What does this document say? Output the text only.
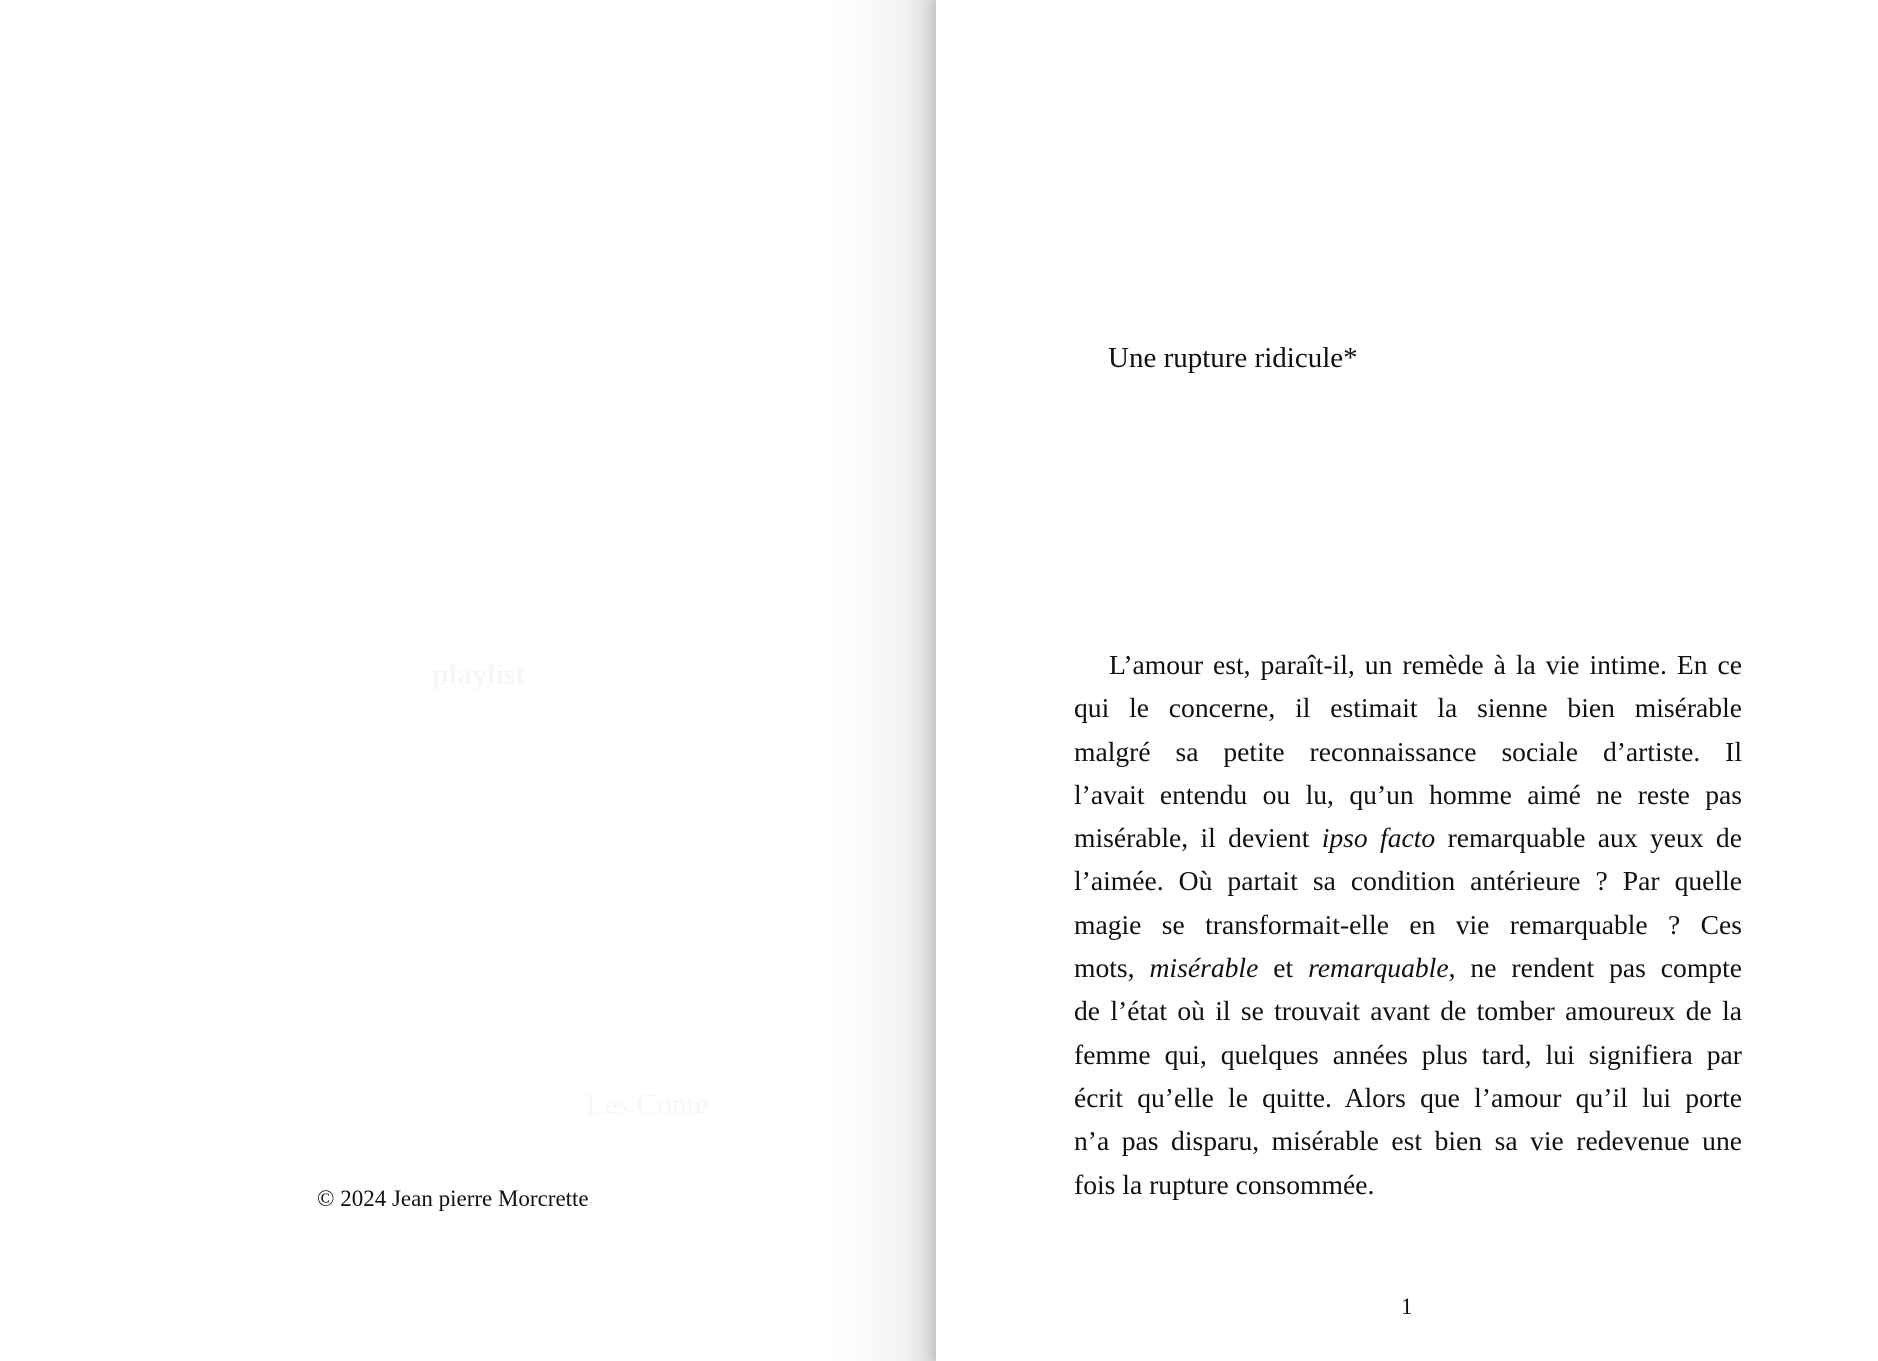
© 2024 Jean pierre Morcrette
Une rupture ridicule*

L’amour est, paraît-il, un remède à la vie intime. En ce
qui le concerne, il estimait la sienne bien misérable
malgré sa petite reconnaissance sociale d’artiste. Il
l’avait entendu ou lu, qu’un homme aimé ne reste pas
misérable, il devient ipso facto remarquable aux yeux de
l’aimée. Où partait sa condition antérieure ? Par quelle
magie se transformait-elle en vie remarquable ? Ces
mots, misérable et remarquable, ne rendent pas compte
de l’état où il se trouvait avant de tomber amoureux de la
femme qui, quelques années plus tard, lui signifiera par
écrit qu’elle le quitte. Alors que l’amour qu’il lui porte
n’a pas disparu, misérable est bien sa vie redevenue une
fois la rupture consommée.

1
